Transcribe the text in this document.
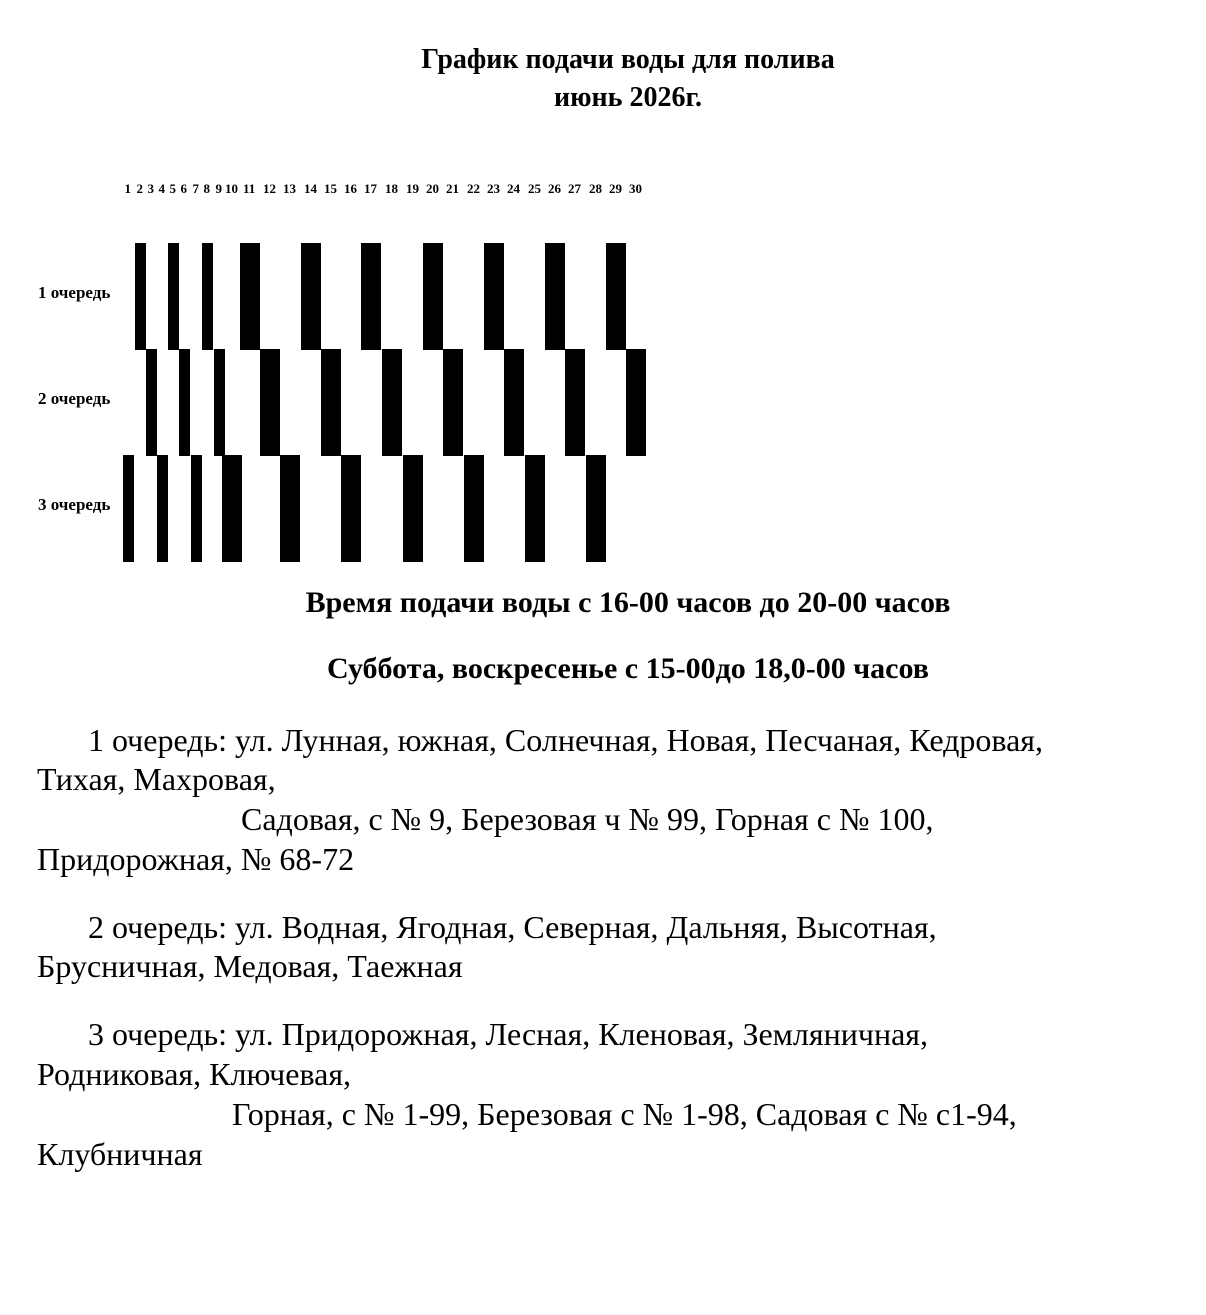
График подачи воды для полива
июнь 2026г.
1 2 3 4 5 6 7 8 9 10 11 12 13 14 15 16 17 18 19 20 21 22 23 24 25 26 27 28 29 30
1 очередь
2 очередь
3 очередь
Время подачи воды с 16-00 часов до 20-00 часов
Суббота, воскресенье с 15-00до 18,0-00 часов
1 очередь: ул. Лунная, южная, Солнечная, Новая, Песчаная, Кедровая,
Тихая, Махровая,
Садовая, с № 9, Березовая ч № 99, Горная с № 100,
Придорожная, № 68-72
2 очередь: ул. Водная, Ягодная, Северная, Дальняя, Высотная,
Брусничная, Медовая, Таежная
3 очередь: ул. Придорожная, Лесная, Кленовая, Земляничная,
Родниковая, Ключевая,
Горная, с № 1-99, Березовая с № 1-98, Садовая с № с1-94,
Клубничная
